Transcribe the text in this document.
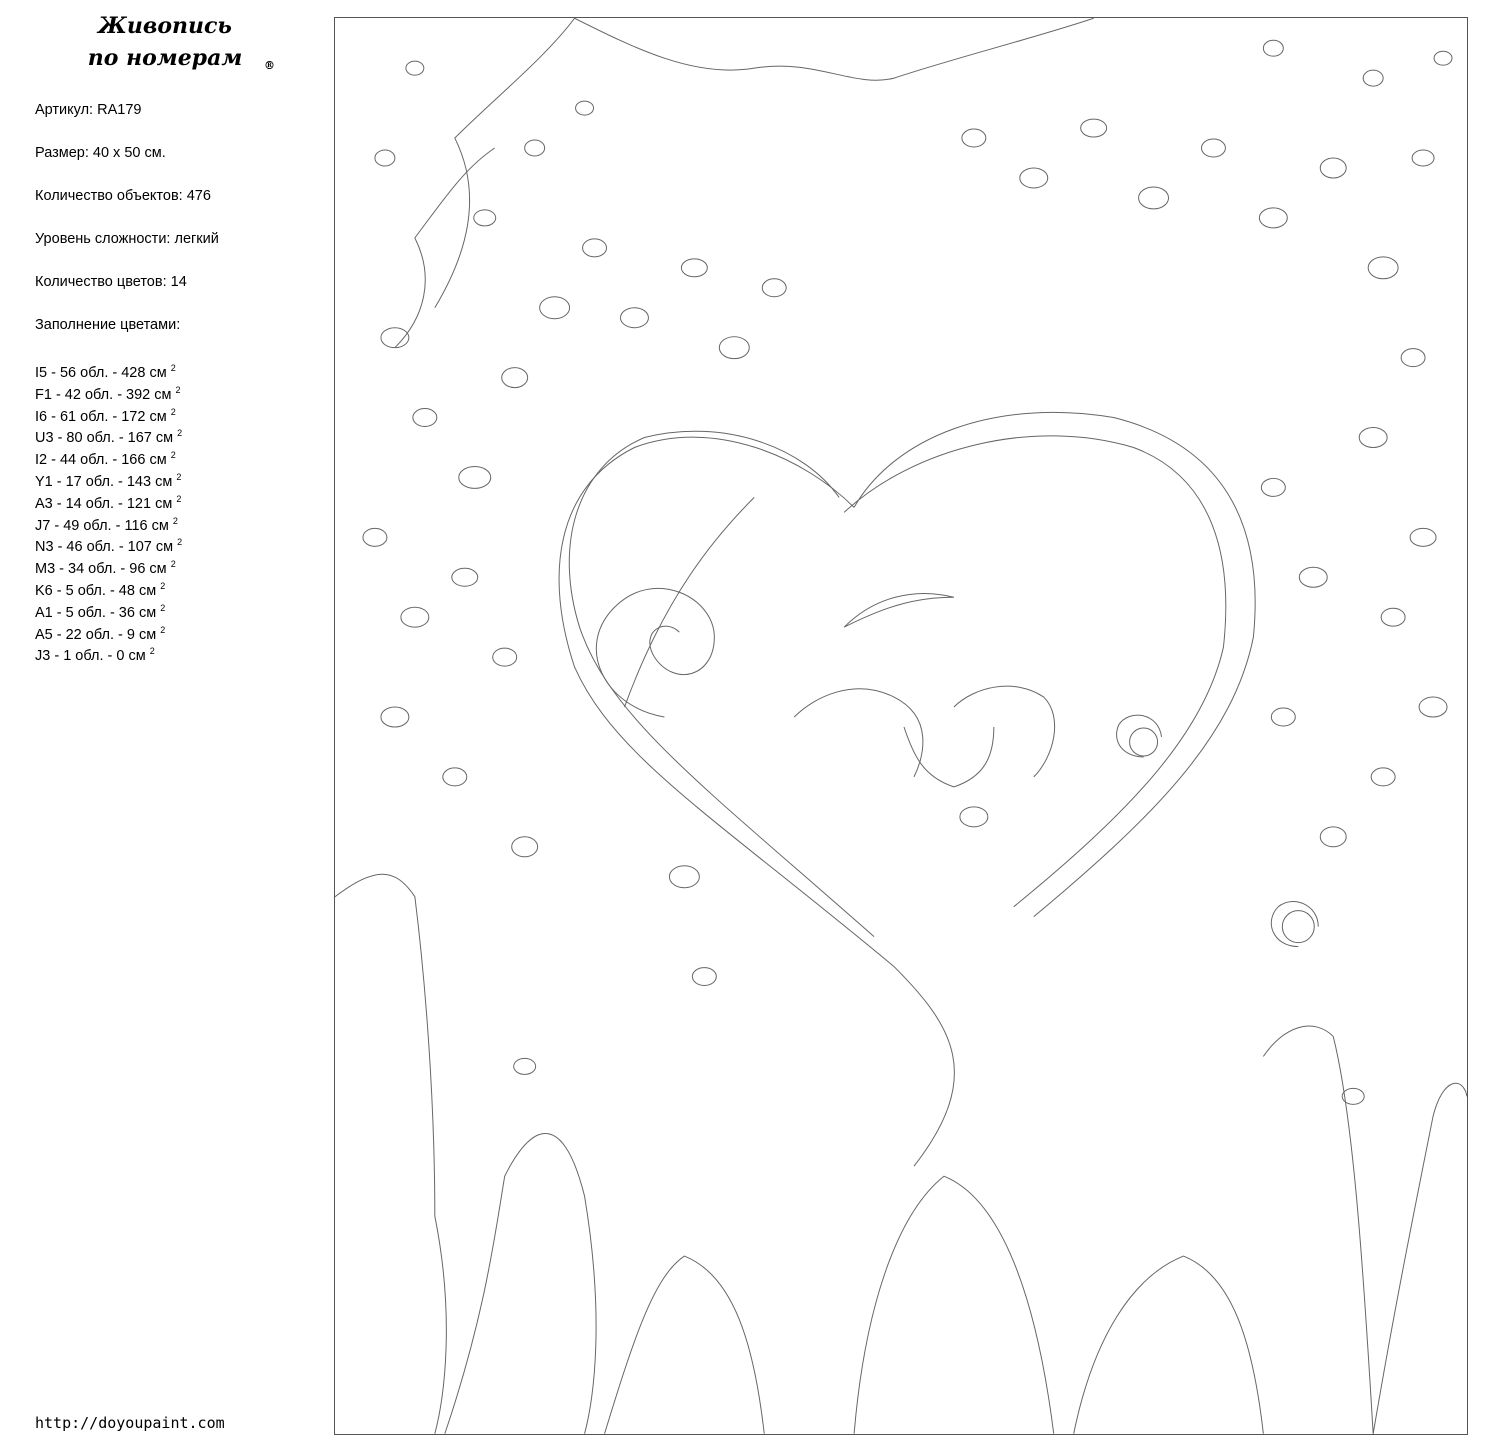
Живопись
по номерам	®
Артикул: RA179
Размер: 40 х 50 см.
Количество объектов: 476
Уровень сложности: легкий
Количество цветов: 14
Заполнение цветами:
I5 - 56 обл. - 428 см $^2$
F1 - 42 обл. - 392 см $^2$
I6 - 61 обл. - 172 см $^2$
U3 - 80 обл. - 167 см $^2$
I2 - 44 обл. - 166 см $^2$
Y1 - 17 обл. - 143 см $^2$
A3 - 14 обл. - 121 см $^2$
J7 - 49 обл. - 116 см $^2$
N3 - 46 обл. - 107 см $^2$
M3 - 34 обл. - 96 см $^2$
K6 - 5 обл. - 48 см $^2$
A1 - 5 обл. - 36 см $^2$
A5 - 22 обл. - 9 см $^2$
J3 - 1 обл. - 0 см $^2$
http://doyoupaint.com
